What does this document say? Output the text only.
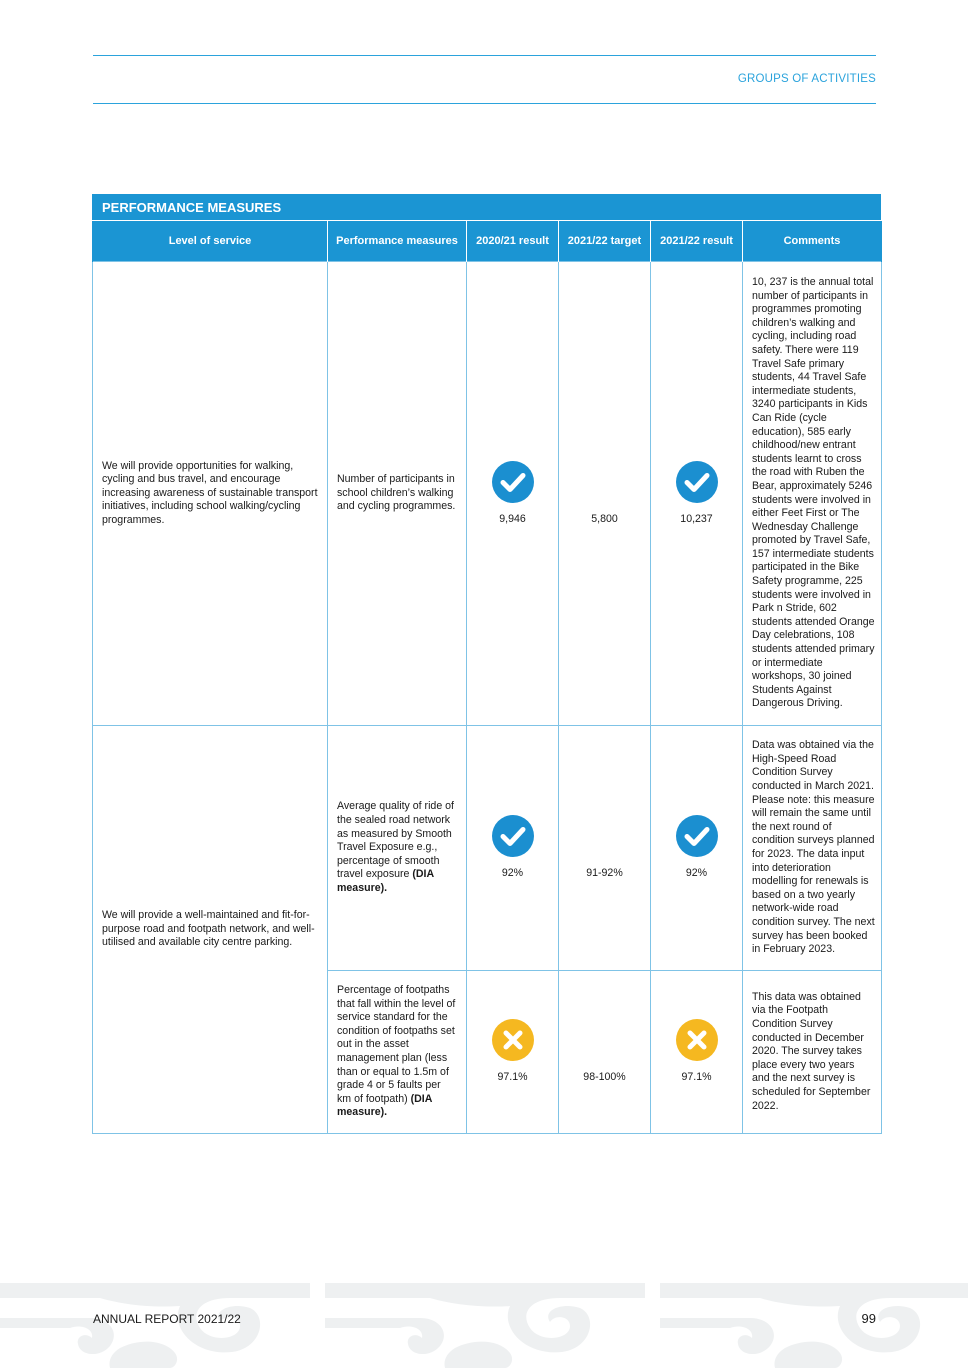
GROUPS OF ACTIVITIES
PERFORMANCE MEASURES
Level of service	Performance measures	2020/21 result	2021/22 target	2021/22 result	Comments
We will provide opportunities for walking, cycling and bus travel, and encourage increasing awareness of sustainable transport initiatives, including school walking/cycling programmes.	Number of participants in school children’s walking and cycling programmes.	9,946	5,800	10,237	10, 237 is the annual total number of participants in programmes promoting children’s walking and cycling, including road safety. There were 119 Travel Safe primary students, 44 Travel Safe intermediate students, 3240 participants in Kids Can Ride (cycle education), 585 early childhood/new entrant students learnt to cross the road with Ruben the Bear, approximately 5246 students were involved in either Feet First or The Wednesday Challenge promoted by Travel Safe, 157 intermediate students participated in the Bike Safety programme, 225 students were involved in Park n Stride, 602 students attended Orange Day celebrations, 108 students attended primary or intermediate workshops, 30 joined Students Against Dangerous Driving.
We will provide a well-maintained and fit-for-purpose road and footpath network, and well-utilised and available city centre parking.	Average quality of ride of the sealed road network as measured by Smooth Travel Exposure e.g., percentage of smooth travel exposure (DIA measure).	92%	91-92%	92%	Data was obtained via the High-Speed Road Condition Survey conducted in March 2021. Please note: this measure will remain the same until the next round of condition surveys planned for 2023. The data input into deterioration modelling for renewals is based on a two yearly network-wide road condition survey. The next survey has been booked in February 2023.
	Percentage of footpaths that fall within the level of service standard for the condition of footpaths set out in the asset management plan (less than or equal to 1.5m of grade 4 or 5 faults per km of footpath) (DIA measure).	97.1%	98-100%	97.1%	This data was obtained via the Footpath Condition Survey conducted in December 2020. The survey takes place every two years and the next survey is scheduled for September 2022.
ANNUAL REPORT 2021/22	99
